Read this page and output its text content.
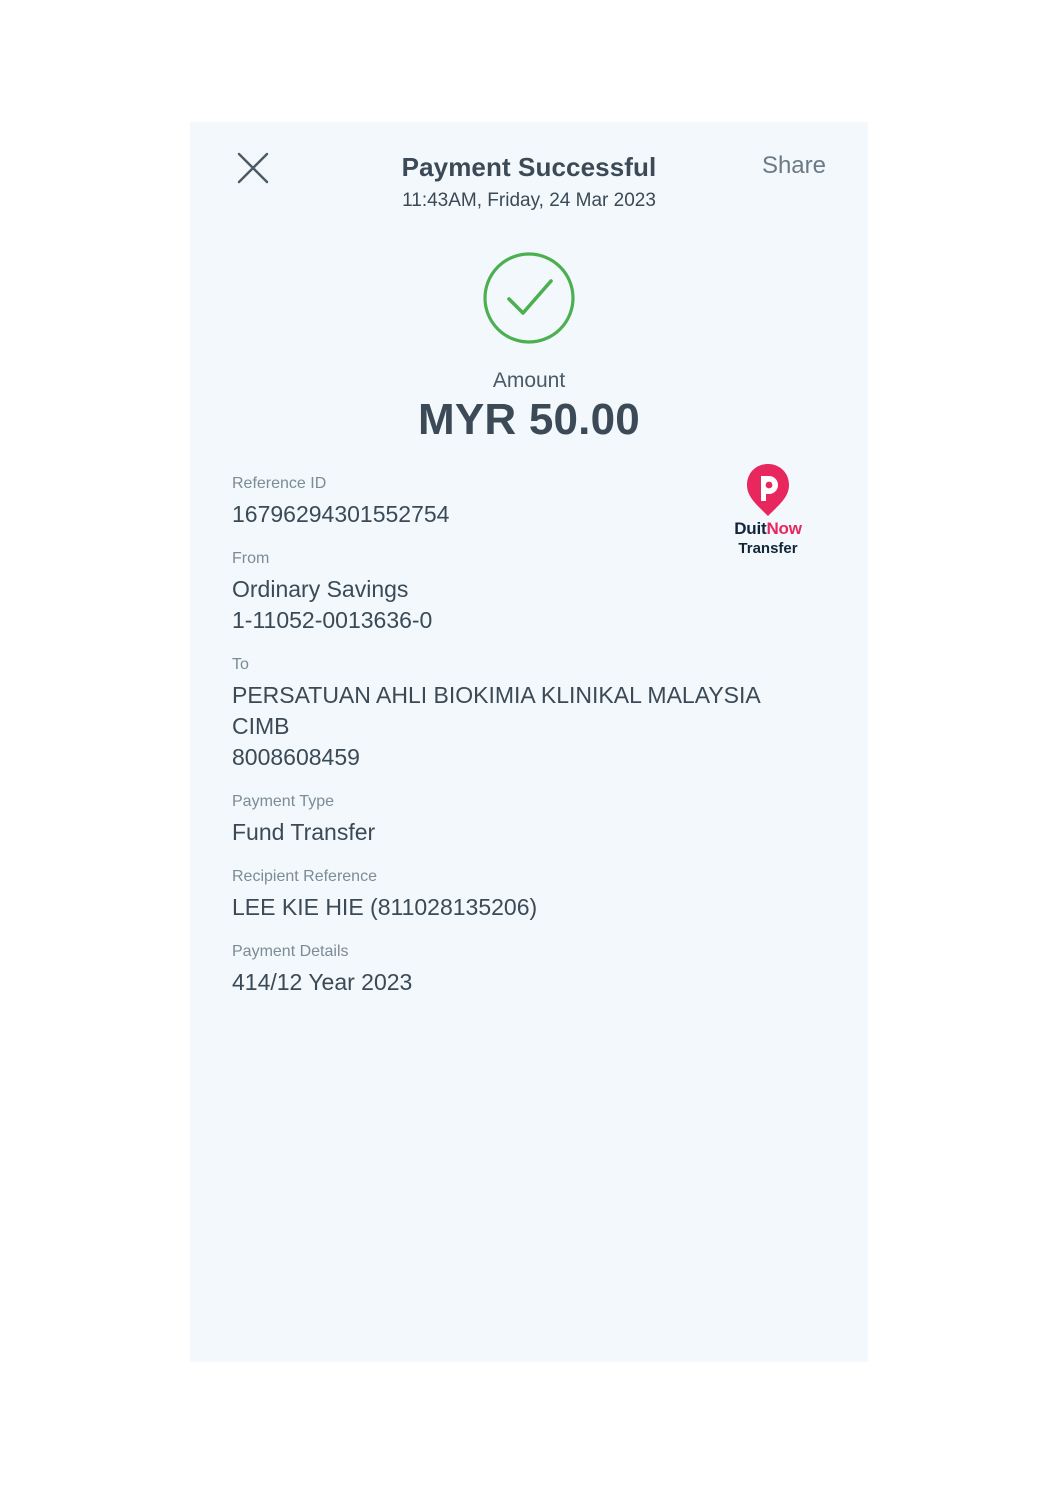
Payment Successful
11:43AM, Friday, 24 Mar 2023
Share
Amount
MYR 50.00
DuitNow
Transfer
Reference ID
16796294301552754
From
Ordinary Savings
1-11052-0013636-0
To
PERSATUAN AHLI BIOKIMIA KLINIKAL MALAYSIA
CIMB
8008608459
Payment Type
Fund Transfer
Recipient Reference
LEE KIE HIE (811028135206)
Payment Details
414/12 Year 2023
